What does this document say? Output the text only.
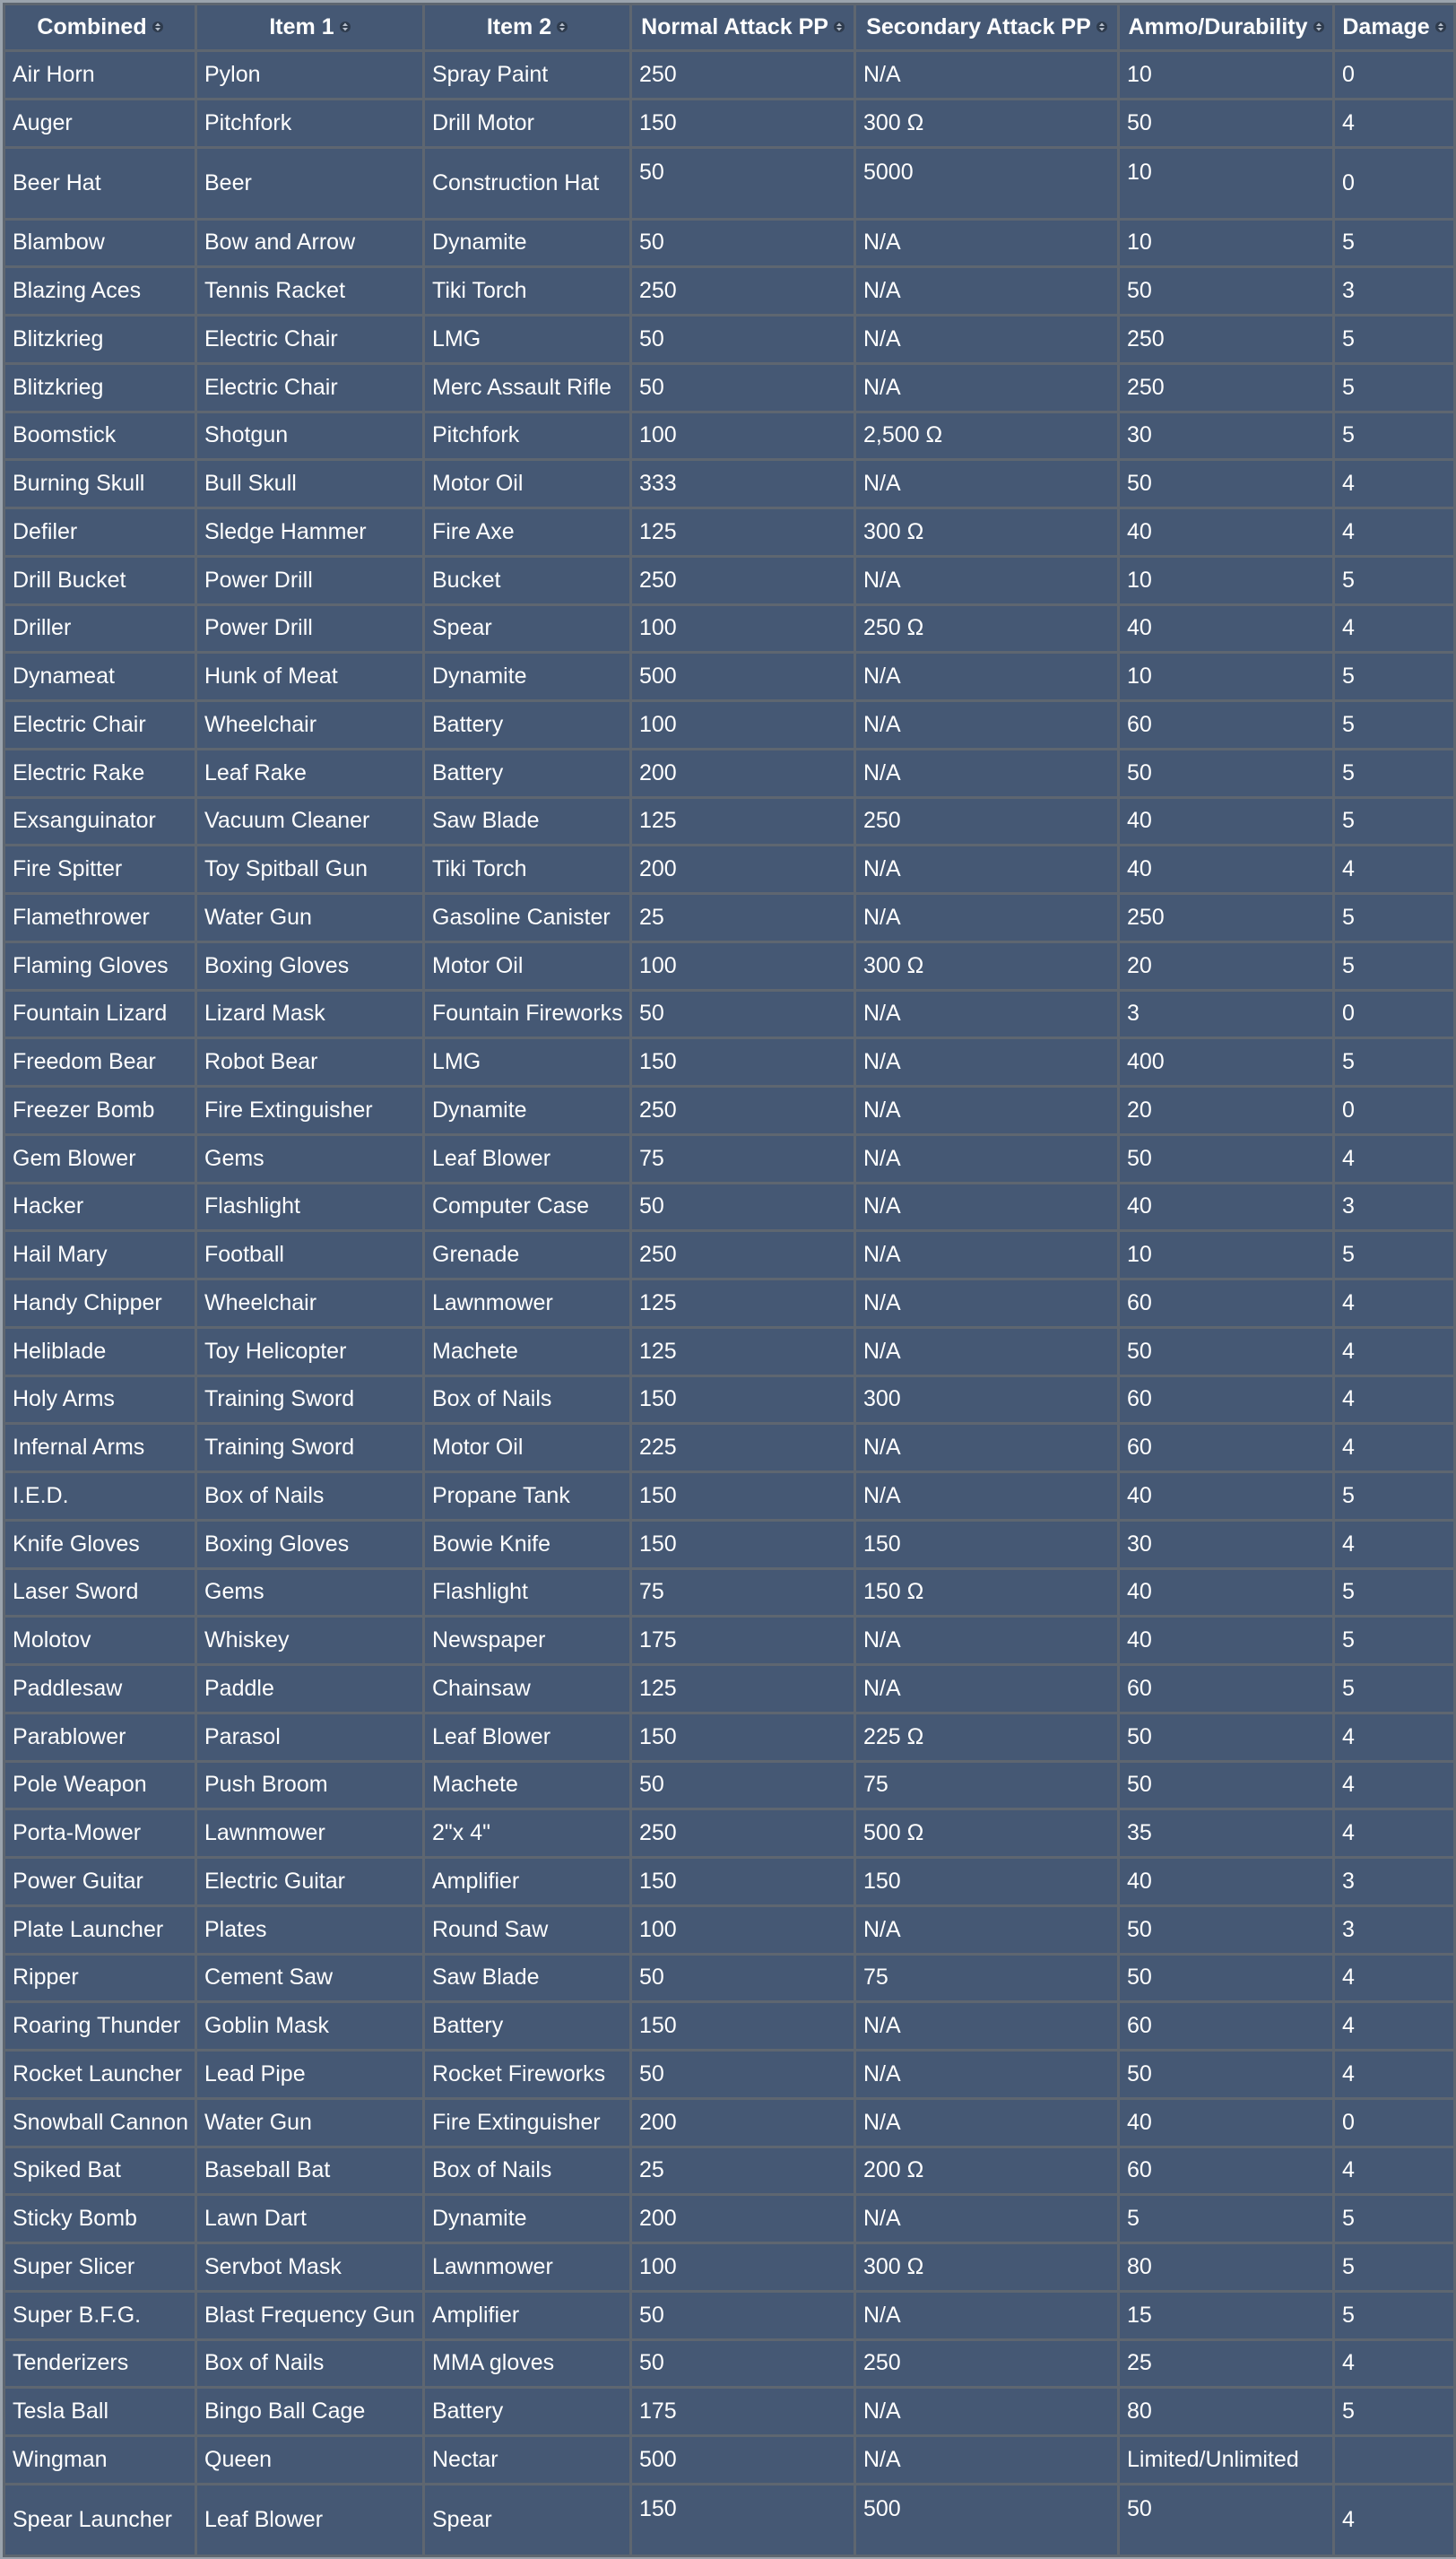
Combined	Item 1	Item 2	Normal Attack PP	Secondary Attack PP	Ammo/Durability	Damage

Air Horn	Pylon	Spray Paint	250	N/A	10	0
Auger	Pitchfork	Drill Motor	150	300 Ω	50	4
Beer Hat	Beer	Construction Hat	50	5000	10	0
Blambow	Bow and Arrow	Dynamite	50	N/A	10	5
Blazing Aces	Tennis Racket	Tiki Torch	250	N/A	50	3
Blitzkrieg	Electric Chair	LMG	50	N/A	250	5
Blitzkrieg	Electric Chair	Merc Assault Rifle	50	N/A	250	5
Boomstick	Shotgun	Pitchfork	100	2,500 Ω	30	5
Burning Skull	Bull Skull	Motor Oil	333	N/A	50	4
Defiler	Sledge Hammer	Fire Axe	125	300 Ω	40	4
Drill Bucket	Power Drill	Bucket	250	N/A	10	5
Driller	Power Drill	Spear	100	250 Ω	40	4
Dynameat	Hunk of Meat	Dynamite	500	N/A	10	5
Electric Chair	Wheelchair	Battery	100	N/A	60	5
Electric Rake	Leaf Rake	Battery	200	N/A	50	5
Exsanguinator	Vacuum Cleaner	Saw Blade	125	250	40	5
Fire Spitter	Toy Spitball Gun	Tiki Torch	200	N/A	40	4
Flamethrower	Water Gun	Gasoline Canister	25	N/A	250	5
Flaming Gloves	Boxing Gloves	Motor Oil	100	300 Ω	20	5
Fountain Lizard	Lizard Mask	Fountain Fireworks	50	N/A	3	0
Freedom Bear	Robot Bear	LMG	150	N/A	400	5
Freezer Bomb	Fire Extinguisher	Dynamite	250	N/A	20	0
Gem Blower	Gems	Leaf Blower	75	N/A	50	4
Hacker	Flashlight	Computer Case	50	N/A	40	3
Hail Mary	Football	Grenade	250	N/A	10	5
Handy Chipper	Wheelchair	Lawnmower	125	N/A	60	4
Heliblade	Toy Helicopter	Machete	125	N/A	50	4
Holy Arms	Training Sword	Box of Nails	150	300	60	4
Infernal Arms	Training Sword	Motor Oil	225	N/A	60	4
I.E.D.	Box of Nails	Propane Tank	150	N/A	40	5
Knife Gloves	Boxing Gloves	Bowie Knife	150	150	30	4
Laser Sword	Gems	Flashlight	75	150 Ω	40	5
Molotov	Whiskey	Newspaper	175	N/A	40	5
Paddlesaw	Paddle	Chainsaw	125	N/A	60	5
Parablower	Parasol	Leaf Blower	150	225 Ω	50	4
Pole Weapon	Push Broom	Machete	50	75	50	4
Porta-Mower	Lawnmower	2"x 4"	250	500 Ω	35	4
Power Guitar	Electric Guitar	Amplifier	150	150	40	3
Plate Launcher	Plates	Round Saw	100	N/A	50	3
Ripper	Cement Saw	Saw Blade	50	75	50	4
Roaring Thunder	Goblin Mask	Battery	150	N/A	60	4
Rocket Launcher	Lead Pipe	Rocket Fireworks	50	N/A	50	4
Snowball Cannon	Water Gun	Fire Extinguisher	200	N/A	40	0
Spiked Bat	Baseball Bat	Box of Nails	25	200 Ω	60	4
Sticky Bomb	Lawn Dart	Dynamite	200	N/A	5	5
Super Slicer	Servbot Mask	Lawnmower	100	300 Ω	80	5
Super B.F.G.	Blast Frequency Gun	Amplifier	50	N/A	15	5
Tenderizers	Box of Nails	MMA gloves	50	250	25	4
Tesla Ball	Bingo Ball Cage	Battery	175	N/A	80	5
Wingman	Queen	Nectar	500	N/A	Limited/Unlimited	
Spear Launcher	Leaf Blower	Spear	150	500	50	4
